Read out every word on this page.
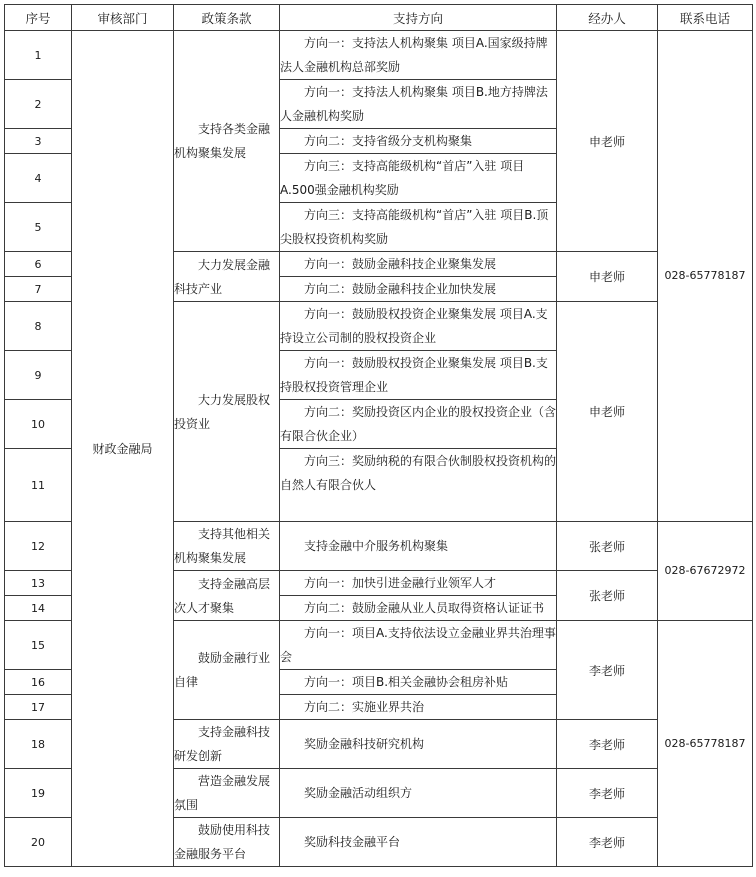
序号	审核部门	政策条款	支持方向	经办人	联系电话
1	财政金融局	支持各类金融机构聚集发展	方向一：支持法人机构聚集 项目A.国家级持牌法人金融机构总部奖励	申老师	028-65778187
2			方向一：支持法人机构聚集 项目B.地方持牌法人金融机构奖励		
3			方向二：支持省级分支机构聚集		
4			方向三：支持高能级机构“首店”入驻 项目A.500强金融机构奖励		
5			方向三：支持高能级机构“首店”入驻 项目B.顶尖股权投资机构奖励		
6		大力发展金融科技产业	方向一：鼓励金融科技企业聚集发展	申老师	
7			方向二：鼓励金融科技企业加快发展		
8		大力发展股权投资业	方向一：鼓励股权投资企业聚集发展 项目A.支持设立公司制的股权投资企业	申老师	
9			方向一：鼓励股权投资企业聚集发展 项目B.支持股权投资管理企业		
10			方向二：奖励投资区内企业的股权投资企业（含有限合伙企业）		
11			方向三：奖励纳税的有限合伙制股权投资机构的自然人有限合伙人		
12		支持其他相关机构聚集发展	支持金融中介服务机构聚集	张老师	028-67672972
13		支持金融高层次人才聚集	方向一：加快引进金融行业领军人才	张老师	
14			方向二：鼓励金融从业人员取得资格认证证书		
15		鼓励金融行业自律	方向一：项目A.支持依法设立金融业界共治理事会	李老师	028-65778187
16			方向一：项目B.相关金融协会租房补贴		
17			方向二：实施业界共治		
18		支持金融科技研发创新	奖励金融科技研究机构	李老师	
19		营造金融发展氛围	奖励金融活动组织方	李老师	
20		鼓励使用科技金融服务平台	奖励科技金融平台	李老师	
